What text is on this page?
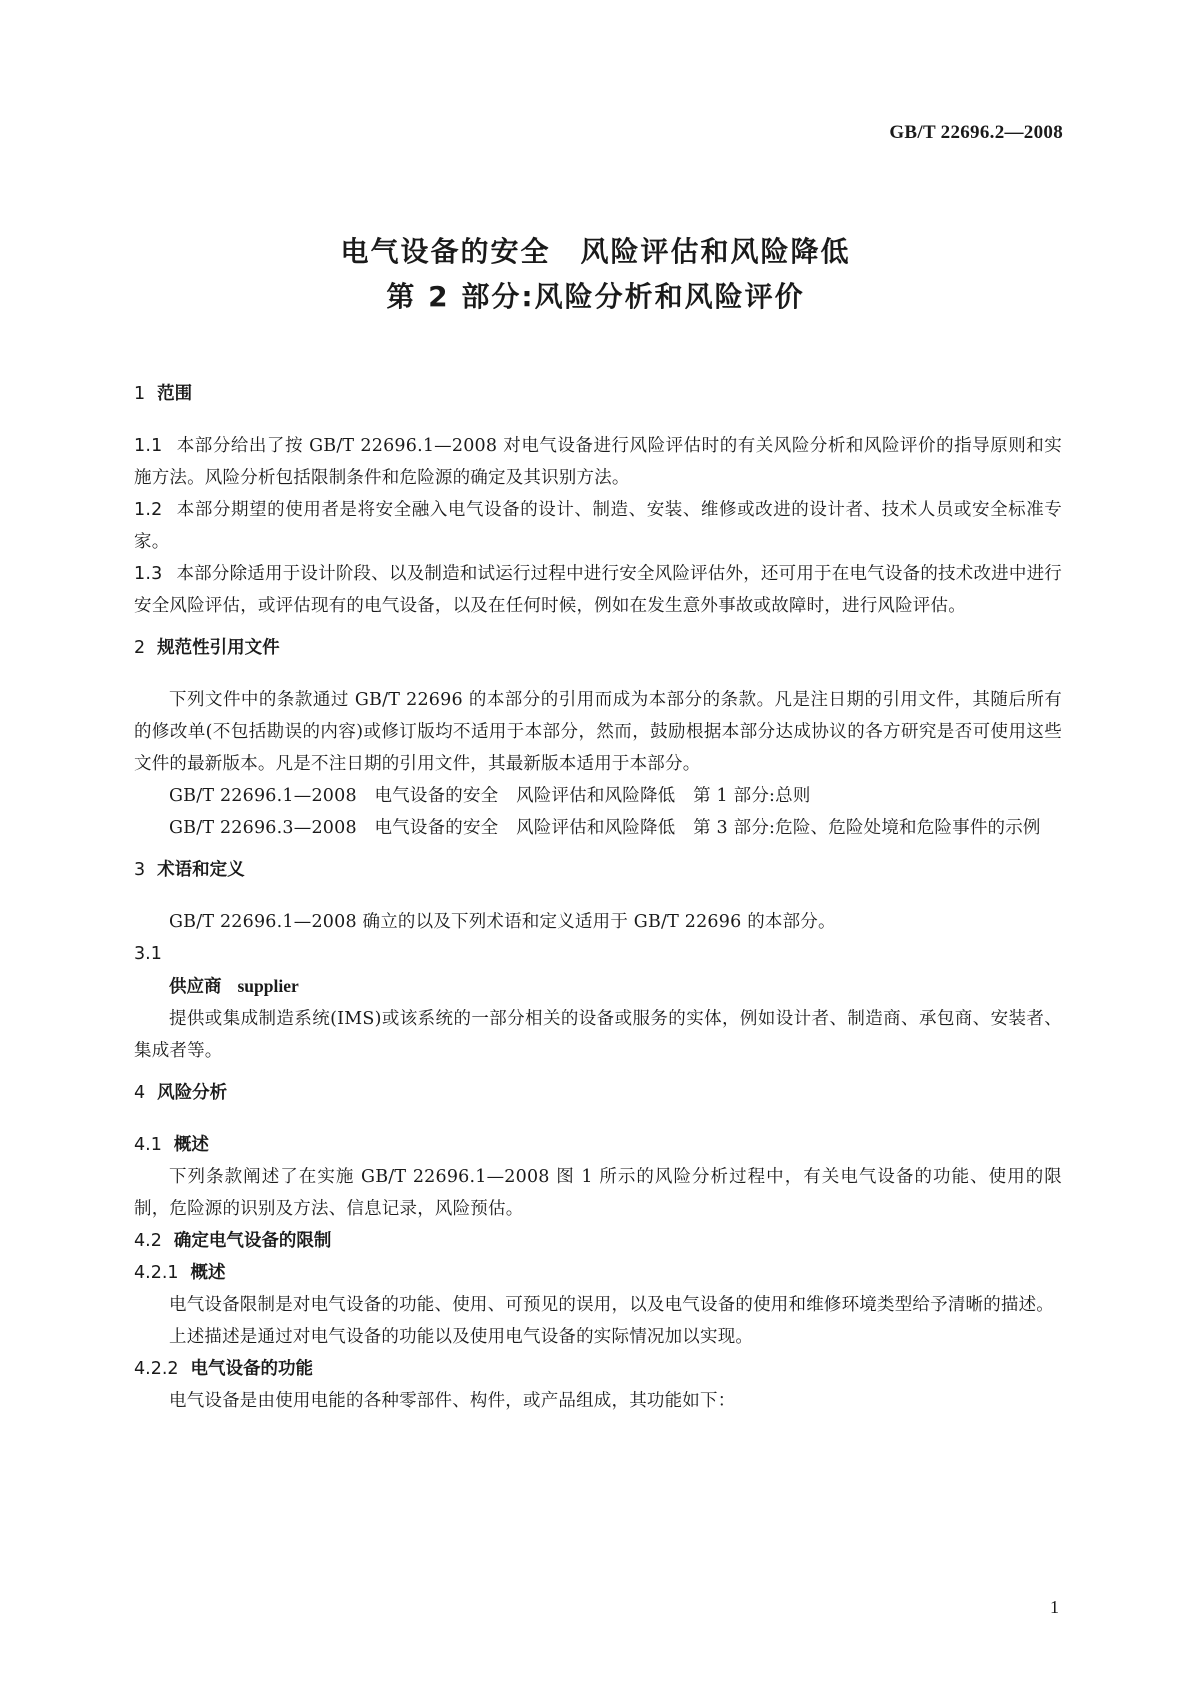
GB/T 22696.2—2008
电气设备的安全　风险评估和风险降低
第 2 部分:风险分析和风险评价
1 范围

1.1 本部分给出了按 GB/T 22696.1—2008 对电气设备进行风险评估时的有关风险分析和风险评价的指导原则和实施方法。风险分析包括限制条件和危险源的确定及其识别方法。

1.2 本部分期望的使用者是将安全融入电气设备的设计、制造、安装、维修或改进的设计者、技术人员或安全标准专家。

1.3 本部分除适用于设计阶段、以及制造和试运行过程中进行安全风险评估外，还可用于在电气设备的技术改进中进行安全风险评估，或评估现有的电气设备，以及在任何时候，例如在发生意外事故或故障时，进行风险评估。

2 规范性引用文件

下列文件中的条款通过 GB/T 22696 的本部分的引用而成为本部分的条款。凡是注日期的引用文件，其随后所有的修改单(不包括勘误的内容)或修订版均不适用于本部分，然而，鼓励根据本部分达成协议的各方研究是否可使用这些文件的最新版本。凡是不注日期的引用文件，其最新版本适用于本部分。

GB/T 22696.1—2008　电气设备的安全　风险评估和风险降低　第 1 部分:总则

GB/T 22696.3—2008　电气设备的安全　风险评估和风险降低　第 3 部分:危险、危险处境和危险事件的示例

3 术语和定义

GB/T 22696.1—2008 确立的以及下列术语和定义适用于 GB/T 22696 的本部分。

3.1

供应商 supplier

提供或集成制造系统(IMS)或该系统的一部分相关的设备或服务的实体，例如设计者、制造商、承包商、安装者、集成者等。

4 风险分析
4.1 概述

下列条款阐述了在实施 GB/T 22696.1—2008 图 1 所示的风险分析过程中，有关电气设备的功能、使用的限制，危险源的识别及方法、信息记录，风险预估。

4.2 确定电气设备的限制
4.2.1 概述

电气设备限制是对电气设备的功能、使用、可预见的误用，以及电气设备的使用和维修环境类型给予清晰的描述。

上述描述是通过对电气设备的功能以及使用电气设备的实际情况加以实现。

4.2.2 电气设备的功能

电气设备是由使用电能的各种零部件、构件，或产品组成，其功能如下：

1
